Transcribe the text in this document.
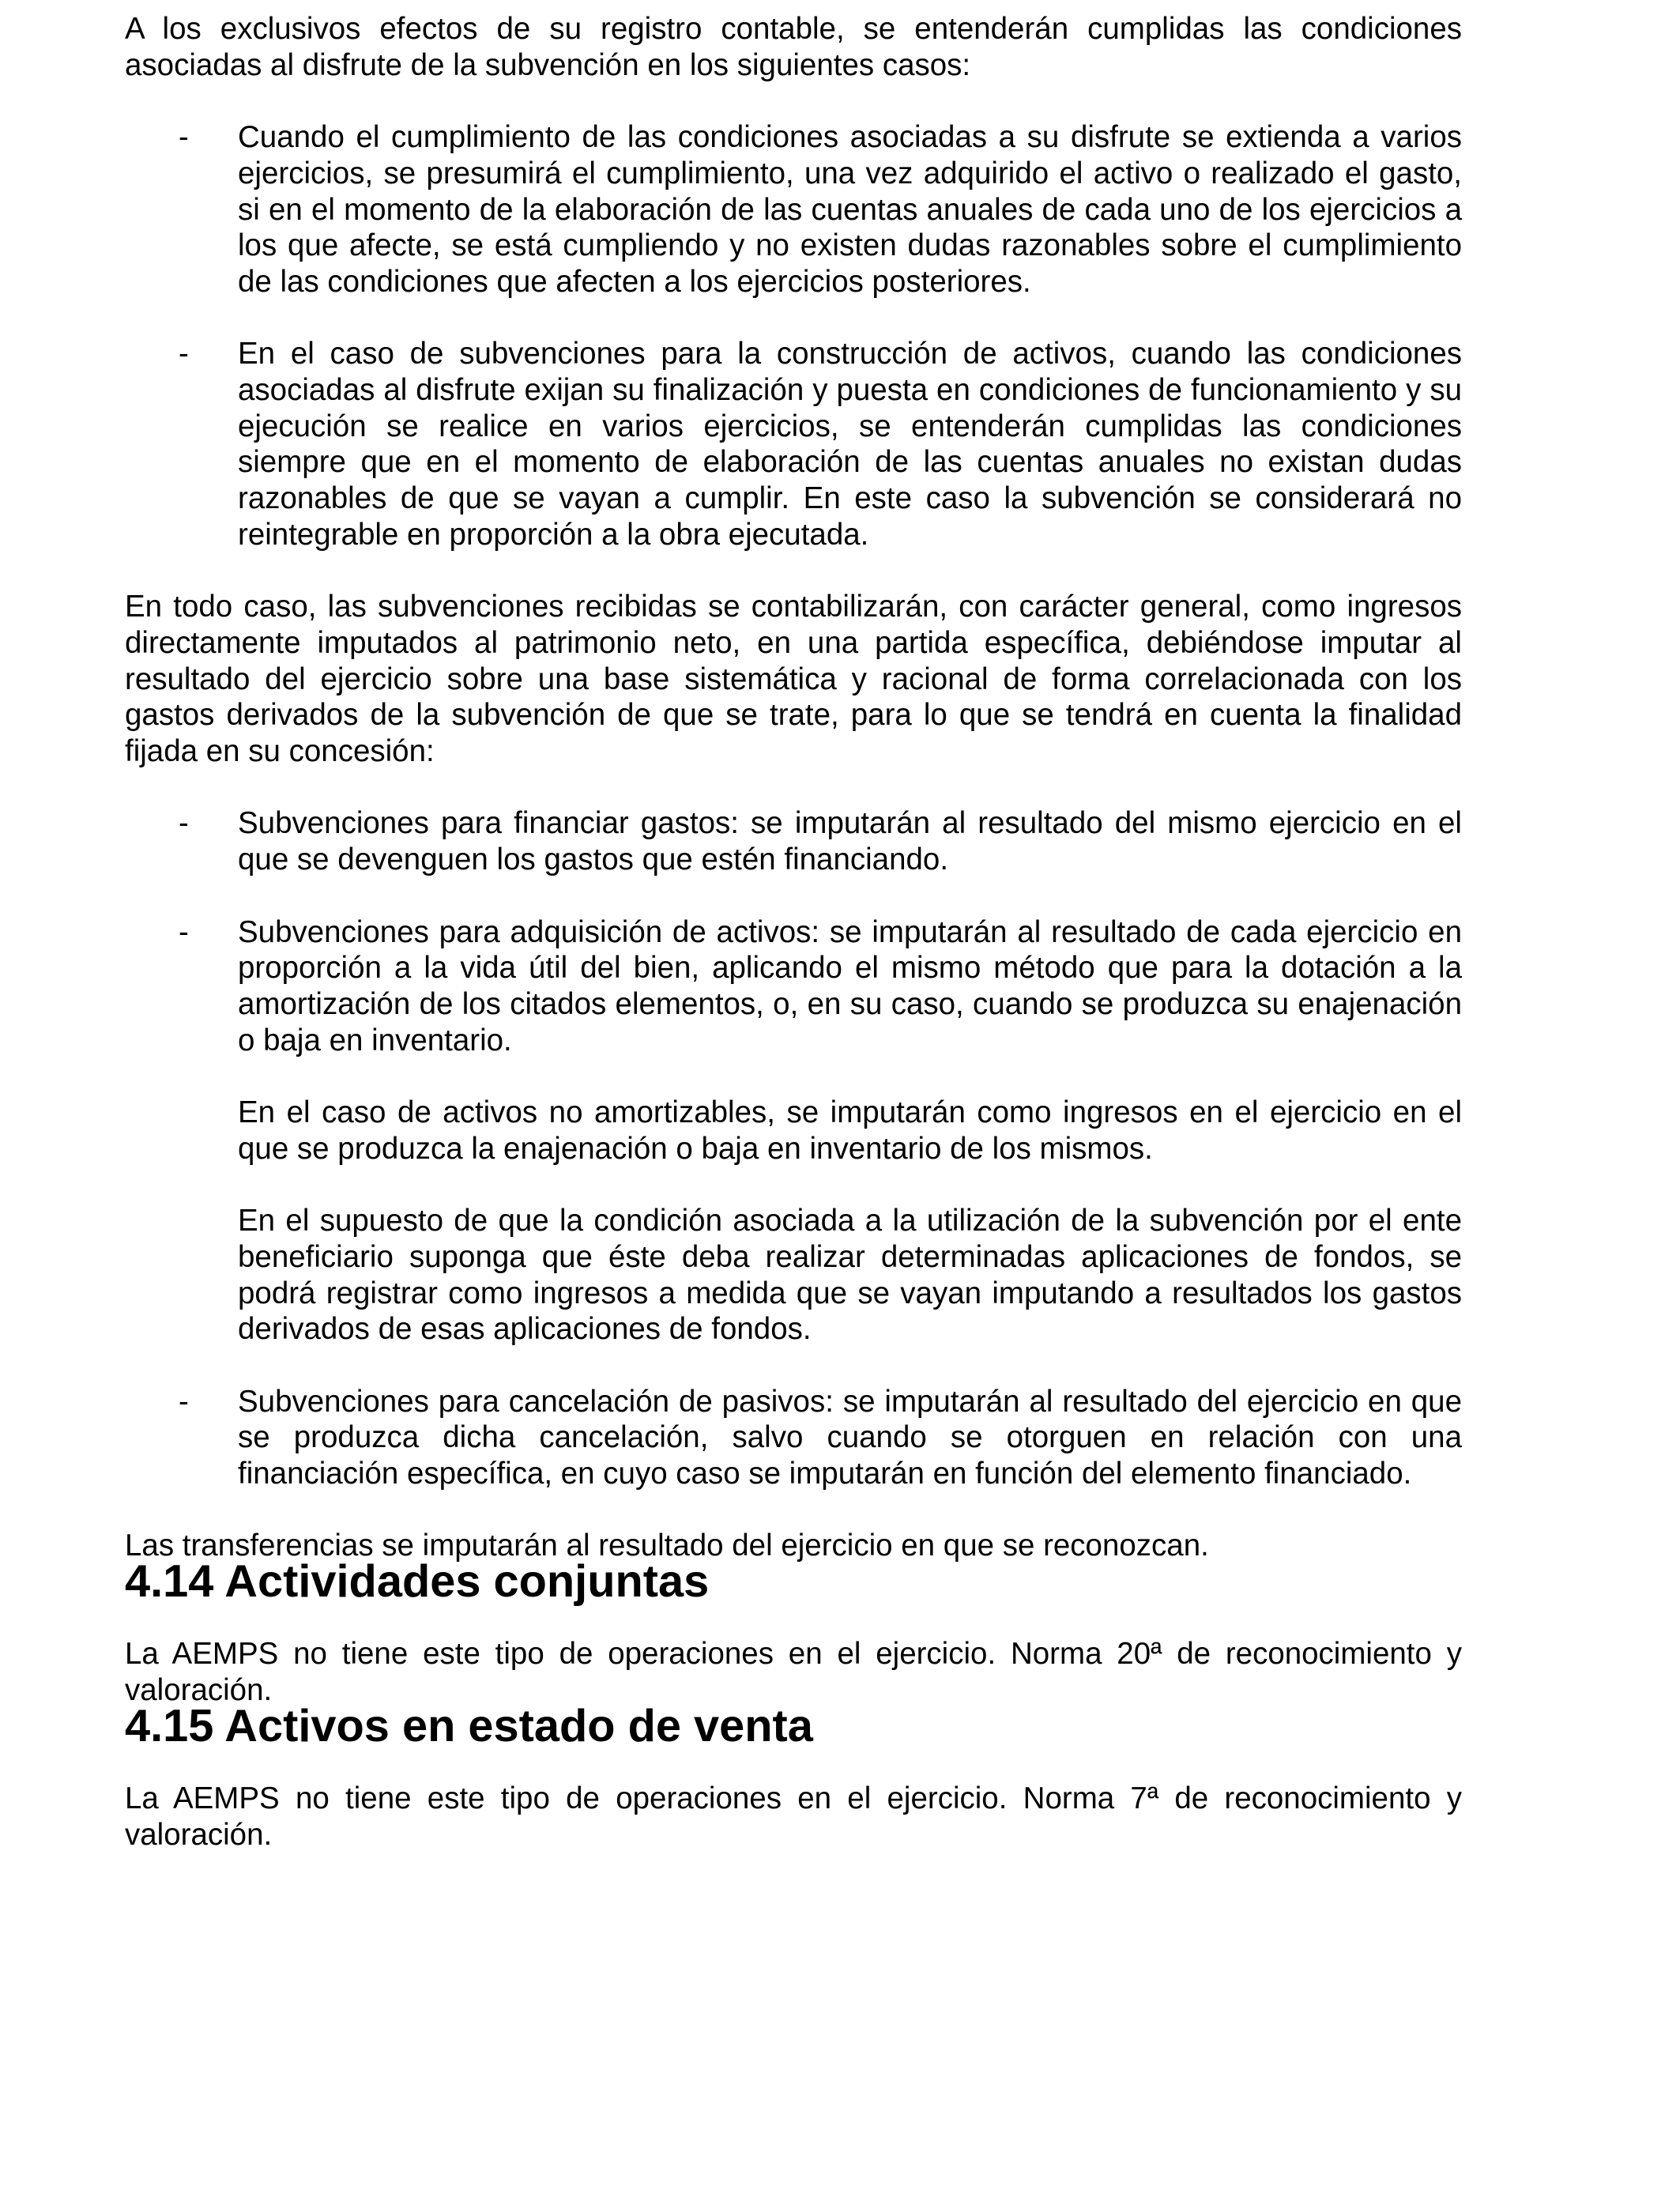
A los exclusivos efectos de su registro contable, se entenderán cumplidas las condiciones asociadas al disfrute de la subvención en los siguientes casos:

- Cuando el cumplimiento de las condiciones asociadas a su disfrute se extienda a varios ejercicios, se presumirá el cumplimiento, una vez adquirido el activo o realizado el gasto, si en el momento de la elaboración de las cuentas anuales de cada uno de los ejercicios a los que afecte, se está cumpliendo y no existen dudas razonables sobre el cumplimiento de las condiciones que afecten a los ejercicios posteriores.
- En el caso de subvenciones para la construcción de activos, cuando las condiciones asociadas al disfrute exijan su finalización y puesta en condiciones de funcionamiento y su ejecución se realice en varios ejercicios, se entenderán cumplidas las condiciones siempre que en el momento de elaboración de las cuentas anuales no existan dudas razonables de que se vayan a cumplir. En este caso la subvención se considerará no reintegrable en proporción a la obra ejecutada.

En todo caso, las subvenciones recibidas se contabilizarán, con carácter general, como ingresos directamente imputados al patrimonio neto, en una partida específica, debiéndose imputar al resultado del ejercicio sobre una base sistemática y racional de forma correlacionada con los gastos derivados de la subvención de que se trate, para lo que se tendrá en cuenta la finalidad fijada en su concesión:

- Subvenciones para financiar gastos: se imputarán al resultado del mismo ejercicio en el que se devenguen los gastos que estén financiando.
- Subvenciones para adquisición de activos: se imputarán al resultado de cada ejercicio en proporción a la vida útil del bien, aplicando el mismo método que para la dotación a la amortización de los citados elementos, o, en su caso, cuando se produzca su enajenación o baja en inventario.

En el caso de activos no amortizables, se imputarán como ingresos en el ejercicio en el que se produzca la enajenación o baja en inventario de los mismos.

En el supuesto de que la condición asociada a la utilización de la subvención por el ente beneficiario suponga que éste deba realizar determinadas aplicaciones de fondos, se podrá registrar como ingresos a medida que se vayan imputando a resultados los gastos derivados de esas aplicaciones de fondos.

- Subvenciones para cancelación de pasivos: se imputarán al resultado del ejercicio en que se produzca dicha cancelación, salvo cuando se otorguen en relación con una financiación específica, en cuyo caso se imputarán en función del elemento financiado.

Las transferencias se imputarán al resultado del ejercicio en que se reconozcan.

4.14 Actividades conjuntas

La AEMPS no tiene este tipo de operaciones en el ejercicio. Norma 20ª de reconocimiento y valoración.

4.15 Activos en estado de venta

La AEMPS no tiene este tipo de operaciones en el ejercicio. Norma 7ª de reconocimiento y valoración.
